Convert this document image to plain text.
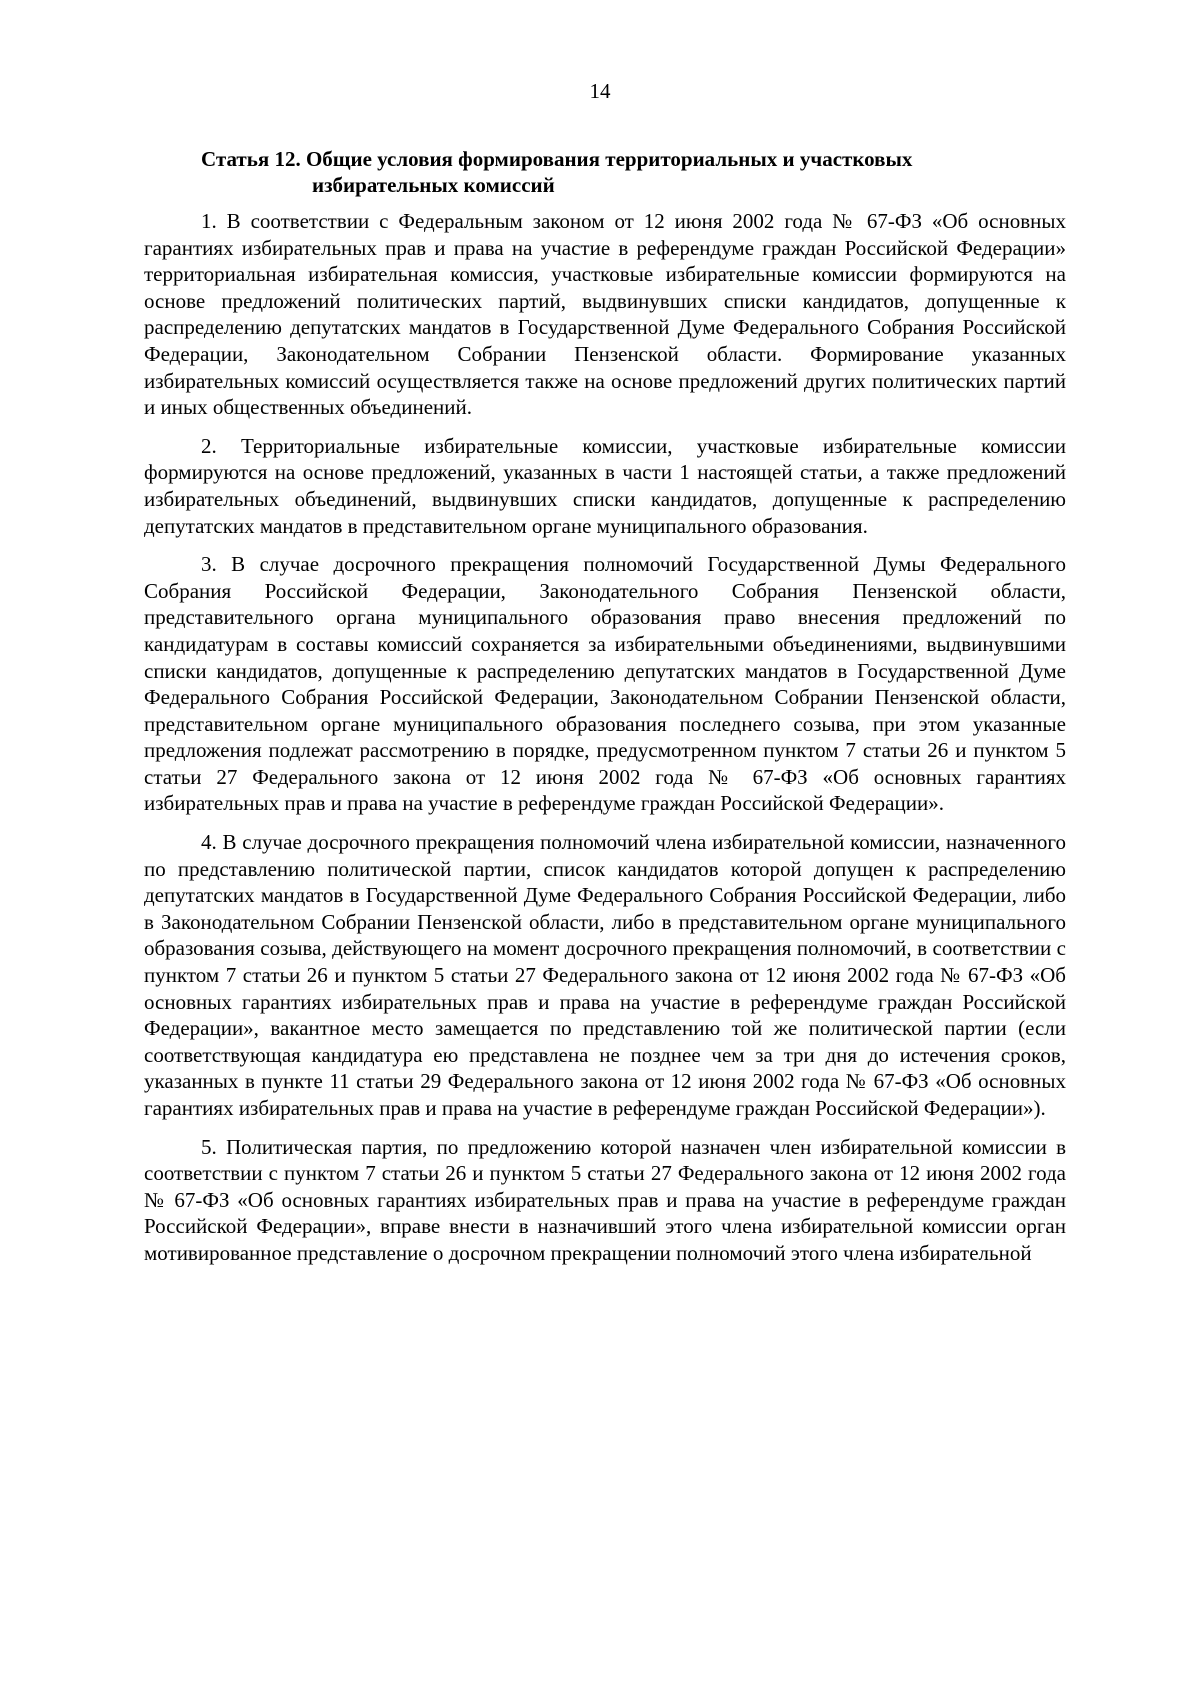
14
Статья 12. Общие условия формирования территориальных и участковых
избирательных комиссий

1. В соответствии с Федеральным законом от 12 июня 2002 года № 67-ФЗ «Об основных гарантиях избирательных прав и права на участие в референдуме граждан Российской Федерации» территориальная избирательная комиссия, участковые избирательные комиссии формируются на основе предложений политических партий, выдвинувших списки кандидатов, допущенные к распределению депутатских мандатов в Государственной Думе Федерального Собрания Российской Федерации, Законодательном Собрании Пензенской области. Формирование указанных избирательных комиссий осуществляется также на основе предложений других политических партий и иных общественных объединений.

2. Территориальные избирательные комиссии, участковые избирательные комиссии формируются на основе предложений, указанных в части 1 настоящей статьи, а также предложений избирательных объединений, выдвинувших списки кандидатов, допущенные к распределению депутатских мандатов в представительном органе муниципального образования.

3. В случае досрочного прекращения полномочий Государственной Думы Федерального Собрания Российской Федерации, Законодательного Собрания Пензенской области, представительного органа муниципального образования право внесения предложений по кандидатурам в составы комиссий сохраняется за избирательными объединениями, выдвинувшими списки кандидатов, допущенные к распределению депутатских мандатов в Государственной Думе Федерального Собрания Российской Федерации, Законодательном Собрании Пензенской области, представительном органе муниципального образования последнего созыва, при этом указанные предложения подлежат рассмотрению в порядке, предусмотренном пунктом 7 статьи 26 и пунктом 5 статьи 27 Федерального закона от 12 июня 2002 года № 67-ФЗ «Об основных гарантиях избирательных прав и права на участие в референдуме граждан Российской Федерации».

4. В случае досрочного прекращения полномочий члена избирательной комиссии, назначенного по представлению политической партии, список кандидатов которой допущен к распределению депутатских мандатов в Государственной Думе Федерального Собрания Российской Федерации, либо в Законодательном Собрании Пензенской области, либо в представительном органе муниципального образования созыва, действующего на момент досрочного прекращения полномочий, в соответствии с пунктом 7 статьи 26 и пунктом 5 статьи 27 Федерального закона от 12 июня 2002 года № 67-ФЗ «Об основных гарантиях избирательных прав и права на участие в референдуме граждан Российской Федерации», вакантное место замещается по представлению той же политической партии (если соответствующая кандидатура ею представлена не позднее чем за три дня до истечения сроков, указанных в пункте 11 статьи 29 Федерального закона от 12 июня 2002 года № 67-ФЗ «Об основных гарантиях избирательных прав и права на участие в референдуме граждан Российской Федерации»).

5. Политическая партия, по предложению которой назначен член избирательной комиссии в соответствии с пунктом 7 статьи 26 и пунктом 5 статьи 27 Федерального закона от 12 июня 2002 года № 67-ФЗ «Об основных гарантиях избирательных прав и права на участие в референдуме граждан Российской Федерации», вправе внести в назначивший этого члена избирательной комиссии орган мотивированное представление о досрочном прекращении полномочий этого члена избирательной
